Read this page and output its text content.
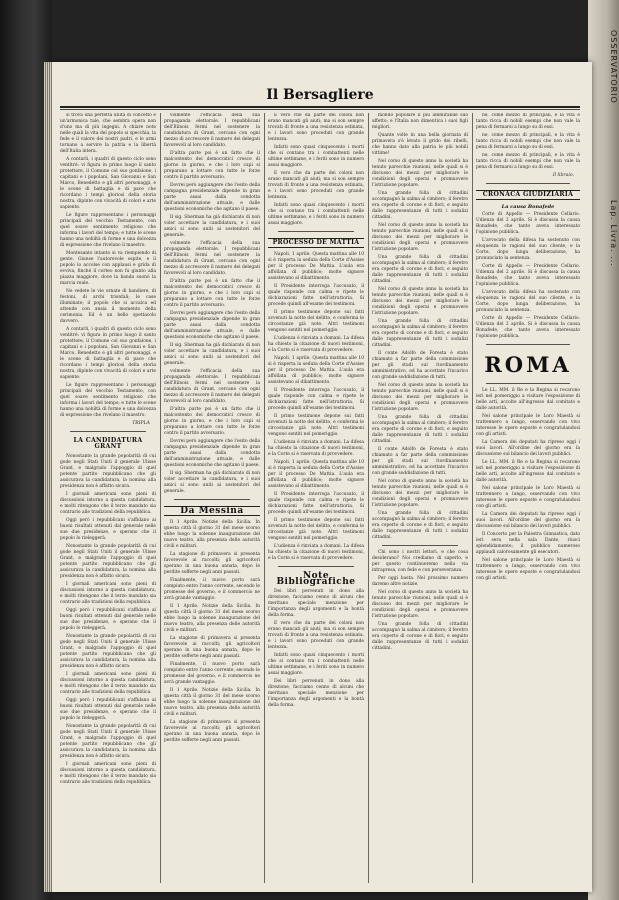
OSSERVATORIO
Lap. Livra. ...
Il Bersagliere

si trova una perfetta unità di concetto e un'armonica tale, che sembra opera non d'uno ma di più ingegni. A chiare note nelle quali la vita del popolo si specchia, la fede e il valore dei nostri padri, e le armi tornano a servire la patria e la libertà dell'Italia intera.

A contarli, i quadri di questo ciclo sono ventitré: vi figura in primo luogo il santo protettore, il Comune col suo gonfalone, i capitani e i popolani, San Giovanni e San Marco, Benedetto e gli altri personaggi, e le scene di battaglia e di pace che ricordano i tempi gloriosi della storia nostra, dipinte con vivacità di colori e arte sapiente.

Le figure rappresentano i personaggi principali del vecchio Testamento, con quel soave sentimento religioso che informa i lavori del tempo; e tutte le scene hanno una nobiltà di forme e una dolcezza di espressione che rivelano il maestro.

Montesanto intanto si va riempiendo di gente. Giunse l'autorevole ospite, e il popolo lo accolse con applausi e grida di evviva, finché il corteo non fu giunto alla piazza maggiore, dove la banda suonò la marcia reale.

Ne vedete le vie ornate di bandiere, di festoni, di archi trionfali; le case illuminate; il popolo che si accalca ed attende con ansia il momento della cerimonia. Ed è un bello spettacolo davvero.

A contarli, i quadri di questo ciclo sono ventitré: vi figura in primo luogo il santo protettore, il Comune col suo gonfalone, i capitani e i popolani, San Giovanni e San Marco, Benedetto e gli altri personaggi, e le scene di battaglia e di pace che ricordano i tempi gloriosi della storia nostra, dipinte con vivacità di colori e arte sapiente.

Le figure rappresentano i personaggi principali del vecchio Testamento, con quel soave sentimento religioso che informa i lavori del tempo; e tutte le scene hanno una nobiltà di forme e una dolcezza di espressione che rivelano il maestro.

TRIPLA
LA CANDIDATURA GRANT

Nonostante la grande popolarità di cui gode negli Stati Uniti il generale Ulisse Grant, e malgrado l'appoggio di quel potente partito repubblicano che gli assicurava la candidatura, la nomina alla presidenza non è affatto sicura.

I giornali americani sono pieni di discussioni intorno a questa candidatura, e molti ritengono che il terzo mandato sia contrario alle tradizioni della repubblica.

Oggi però i repubblicani s'affidano ai buoni risultati ottenuti dal generale nelle sue due presidenze, e sperano che il popolo lo rieleggerà.

Nonostante la grande popolarità di cui gode negli Stati Uniti il generale Ulisse Grant, e malgrado l'appoggio di quel potente partito repubblicano che gli assicurava la candidatura, la nomina alla presidenza non è affatto sicura.

I giornali americani sono pieni di discussioni intorno a questa candidatura, e molti ritengono che il terzo mandato sia contrario alle tradizioni della repubblica.

Oggi però i repubblicani s'affidano ai buoni risultati ottenuti dal generale nelle sue due presidenze, e sperano che il popolo lo rieleggerà.

Nonostante la grande popolarità di cui gode negli Stati Uniti il generale Ulisse Grant, e malgrado l'appoggio di quel potente partito repubblicano che gli assicurava la candidatura, la nomina alla presidenza non è affatto sicura.

I giornali americani sono pieni di discussioni intorno a questa candidatura, e molti ritengono che il terzo mandato sia contrario alle tradizioni della repubblica.

Oggi però i repubblicani s'affidano ai buoni risultati ottenuti dal generale nelle sue due presidenze, e sperano che il popolo lo rieleggerà.

Nonostante la grande popolarità di cui gode negli Stati Uniti il generale Ulisse Grant, e malgrado l'appoggio di quel potente partito repubblicano che gli assicurava la candidatura, la nomina alla presidenza non è affatto sicura.

I giornali americani sono pieni di discussioni intorno a questa candidatura, e molti ritengono che il terzo mandato sia contrario alle tradizioni della repubblica.

volmente l'efficacia della sua propaganda elettorale. I repubblicani dell'Illinois fermi nel sostenere la candidatura di Grant, cercano con ogni mezzo di accrescere il numero dei delegati favorevoli al loro candidato.

D'altra parte poi è un fatto che il malcontento dei democratici cresce di giorno in giorno, e che i loro capi si preparano a lottare con tutte le forze contro il partito avversario.

Dovrei però aggiungere che l'esito della campagna presidenziale dipende in gran parte assai dalla condotta dell'amministrazione attuale, e dalle questioni economiche che agitano il paese.

Il sig. Sherman ha già dichiarato di non voler accettare la candidatura, e i suoi amici si sono uniti ai sostenitori del generale.

volmente l'efficacia della sua propaganda elettorale. I repubblicani dell'Illinois fermi nel sostenere la candidatura di Grant, cercano con ogni mezzo di accrescere il numero dei delegati favorevoli al loro candidato.

D'altra parte poi è un fatto che il malcontento dei democratici cresce di giorno in giorno, e che i loro capi si preparano a lottare con tutte le forze contro il partito avversario.

Dovrei però aggiungere che l'esito della campagna presidenziale dipende in gran parte assai dalla condotta dell'amministrazione attuale, e dalle questioni economiche che agitano il paese.

Il sig. Sherman ha già dichiarato di non voler accettare la candidatura, e i suoi amici si sono uniti ai sostenitori del generale.

volmente l'efficacia della sua propaganda elettorale. I repubblicani dell'Illinois fermi nel sostenere la candidatura di Grant, cercano con ogni mezzo di accrescere il numero dei delegati favorevoli al loro candidato.

D'altra parte poi è un fatto che il malcontento dei democratici cresce di giorno in giorno, e che i loro capi si preparano a lottare con tutte le forze contro il partito avversario.

Dovrei però aggiungere che l'esito della campagna presidenziale dipende in gran parte assai dalla condotta dell'amministrazione attuale, e dalle questioni economiche che agitano il paese.

Il sig. Sherman ha già dichiarato di non voler accettare la candidatura, e i suoi amici si sono uniti ai sostenitori del generale.

Da Messina

Il 1 Aprile. Notizie della Sicilia. In questa città il giorno 31 del mese scorso ebbe luogo la solenne inaugurazione del nuovo teatro, alla presenza delle autorità civili e militari.

La stagione di primavera si presenta favorevole ai raccolti; gli agricoltori sperano in una buona annata, dopo le perdite sofferte negli anni passati.

Finalmente, il nuovo porto sarà compiuto entro l'anno corrente, secondo le promesse del governo, e il commercio ne avrà grande vantaggio.

Il 1 Aprile. Notizie della Sicilia. In questa città il giorno 31 del mese scorso ebbe luogo la solenne inaugurazione del nuovo teatro, alla presenza delle autorità civili e militari.

La stagione di primavera si presenta favorevole ai raccolti; gli agricoltori sperano in una buona annata, dopo le perdite sofferte negli anni passati.

Finalmente, il nuovo porto sarà compiuto entro l'anno corrente, secondo le promesse del governo, e il commercio ne avrà grande vantaggio.

Il 1 Aprile. Notizie della Sicilia. In questa città il giorno 31 del mese scorso ebbe luogo la solenne inaugurazione del nuovo teatro, alla presenza delle autorità civili e militari.

La stagione di primavera si presenta favorevole ai raccolti; gli agricoltori sperano in una buona annata, dopo le perdite sofferte negli anni passati.

E vero che da parte dei coloni non erano mancati gli aiuti; ma si son sempre trovati di fronte a una resistenza ostinata, e i lavori sono proceduti con grande lentezza.

Infatti sono quasi cinquecento i morti che si contano tra i combattenti nelle ultime settimane, e i feriti sono in numero assai maggiore.

E vero che da parte dei coloni non erano mancati gli aiuti; ma si son sempre trovati di fronte a una resistenza ostinata, e i lavori sono proceduti con grande lentezza.

Infatti sono quasi cinquecento i morti che si contano tra i combattenti nelle ultime settimane, e i feriti sono in numero assai maggiore.

PROCESSO DE MATTIA

Napoli, 1 aprile. Questa mattina alle 10 si è riaperta la seduta della Corte d'Assise per il processo De Mattia. L'aula era affollata di pubblico; molte signore assistevano al dibattimento.

Il Presidente interroga l'accusato, il quale risponde con calma e ripete le dichiarazioni fatte nell'istruttoria. Si procede quindi all'esame dei testimoni.

Il primo testimone depone sui fatti avvenuti la notte del delitto, e conferma le circostanze già note. Altri testimoni vengono sentiti nel pomeriggio.

L'udienza è rinviata a domani. La difesa ha chiesto la citazione di nuovi testimoni, e la Corte si è riservata di provvedere.

Napoli, 1 aprile. Questa mattina alle 10 si è riaperta la seduta della Corte d'Assise per il processo De Mattia. L'aula era affollata di pubblico; molte signore assistevano al dibattimento.

Il Presidente interroga l'accusato, il quale risponde con calma e ripete le dichiarazioni fatte nell'istruttoria. Si procede quindi all'esame dei testimoni.

Il primo testimone depone sui fatti avvenuti la notte del delitto, e conferma le circostanze già note. Altri testimoni vengono sentiti nel pomeriggio.

L'udienza è rinviata a domani. La difesa ha chiesto la citazione di nuovi testimoni, e la Corte si è riservata di provvedere.

Napoli, 1 aprile. Questa mattina alle 10 si è riaperta la seduta della Corte d'Assise per il processo De Mattia. L'aula era affollata di pubblico; molte signore assistevano al dibattimento.

Il Presidente interroga l'accusato, il quale risponde con calma e ripete le dichiarazioni fatte nell'istruttoria. Si procede quindi all'esame dei testimoni.

Il primo testimone depone sui fatti avvenuti la notte del delitto, e conferma le circostanze già note. Altri testimoni vengono sentiti nel pomeriggio.

L'udienza è rinviata a domani. La difesa ha chiesto la citazione di nuovi testimoni, e la Corte si è riservata di provvedere.

Note Bibliografiche

Dei libri pervenuti in dono alla direzione, facciamo cenno di alcuni che meritano speciale menzione per l'importanza degli argomenti e la bontà della forma.

E vero che da parte dei coloni non erano mancati gli aiuti; ma si son sempre trovati di fronte a una resistenza ostinata, e i lavori sono proceduti con grande lentezza.

Infatti sono quasi cinquecento i morti che si contano tra i combattenti nelle ultime settimane, e i feriti sono in numero assai maggiore.

Dei libri pervenuti in dono alla direzione, facciamo cenno di alcuni che meritano speciale menzione per l'importanza degli argomenti e la bontà della forma.

mondo popolare il più ammirabile suo affetto; e l'Italia non dimentica i suoi figli migliori.

Quante volte in una bella giornata di primavera s'è levato il grido dei ribelli, che hanno dato alla patria le più nobili vittime!

Nel corso di questo anno la società ha tenuto parecchie riunioni, nelle quali si è discusso dei mezzi per migliorare le condizioni degli operai e promuovere l'istruzione popolare.

Una grande folla di cittadini accompagnò la salma al cimitero; il feretro era coperto di corone e di fiori, e seguito dalle rappresentanze di tutti i sodalizi cittadini.

Nel corso di questo anno la società ha tenuto parecchie riunioni, nelle quali si è discusso dei mezzi per migliorare le condizioni degli operai e promuovere l'istruzione popolare.

Una grande folla di cittadini accompagnò la salma al cimitero; il feretro era coperto di corone e di fiori, e seguito dalle rappresentanze di tutti i sodalizi cittadini.

Nel corso di questo anno la società ha tenuto parecchie riunioni, nelle quali si è discusso dei mezzi per migliorare le condizioni degli operai e promuovere l'istruzione popolare.

Una grande folla di cittadini accompagnò la salma al cimitero; il feretro era coperto di corone e di fiori, e seguito dalle rappresentanze di tutti i sodalizi cittadini.

Il conte Adolfo de Foresta è stato chiamato a far parte della commissione per gli studi sul riordinamento amministrativo, ed ha accettato l'incarico con grande soddisfazione di tutti.

Nel corso di questo anno la società ha tenuto parecchie riunioni, nelle quali si è discusso dei mezzi per migliorare le condizioni degli operai e promuovere l'istruzione popolare.

Una grande folla di cittadini accompagnò la salma al cimitero; il feretro era coperto di corone e di fiori, e seguito dalle rappresentanze di tutti i sodalizi cittadini.

Il conte Adolfo de Foresta è stato chiamato a far parte della commissione per gli studi sul riordinamento amministrativo, ed ha accettato l'incarico con grande soddisfazione di tutti.

Nel corso di questo anno la società ha tenuto parecchie riunioni, nelle quali si è discusso dei mezzi per migliorare le condizioni degli operai e promuovere l'istruzione popolare.

Una grande folla di cittadini accompagnò la salma al cimitero; il feretro era coperto di corone e di fiori, e seguito dalle rappresentanze di tutti i sodalizi cittadini.

Chi sono i nostri lettori, e che cosa desiderano? Noi crediamo di saperlo, e per questo continueremo nella via intrapresa, con fede e con perseveranza.

Per oggi basta. Nel prossimo numero daremo altre notizie.

Nel corso di questo anno la società ha tenuto parecchie riunioni, nelle quali si è discusso dei mezzi per migliorare le condizioni degli operai e promuovere l'istruzione popolare.

Una grande folla di cittadini accompagnò la salma al cimitero; il feretro era coperto di corone e di fiori, e seguito dalle rappresentanze di tutti i sodalizi cittadini.

ne, come mezzo di principali, e la vita è tanto ricca di nobili esempi che non vale la pena di fermarsi a lungo su di essi.

ne, come mezzo di principali, e la vita è tanto ricca di nobili esempi che non vale la pena di fermarsi a lungo su di essi.

ne, come mezzo di principali, e la vita è tanto ricca di nobili esempi che non vale la pena di fermarsi a lungo su di essi.

Il libraio.
CRONACA GIUDIZIARIA
La causa Bonafede

Corte di Appello — Presidente Cellario. Udienza del 2 aprile. Si è discussa la causa Bonafede, che tanto aveva interessato l'opinione pubblica.

L'avvocato della difesa ha sostenuto con eloquenza le ragioni del suo cliente, e la Corte, dopo lunga deliberazione, ha pronunciato la sentenza.

Corte di Appello — Presidente Cellario. Udienza del 2 aprile. Si è discussa la causa Bonafede, che tanto aveva interessato l'opinione pubblica.

L'avvocato della difesa ha sostenuto con eloquenza le ragioni del suo cliente, e la Corte, dopo lunga deliberazione, ha pronunciato la sentenza.

Corte di Appello — Presidente Cellario. Udienza del 2 aprile. Si è discussa la causa Bonafede, che tanto aveva interessato l'opinione pubblica.

ROMA

Le LL. MM. il Re e la Regina si recarono ieri nel pomeriggio a visitare l'esposizione di belle arti, accolte all'ingresso dal comitato e dalle autorità.

Nel salone principale le Loro Maestà si trattennero a lungo, osservando con vivo interesse le opere esposte e congratulandosi con gli artisti.

La Camera dei deputati ha ripreso oggi i suoi lavori. All'ordine del giorno era la discussione sul bilancio dei lavori pubblici.

Le LL. MM. il Re e la Regina si recarono ieri nel pomeriggio a visitare l'esposizione di belle arti, accolte all'ingresso dal comitato e dalle autorità.

Nel salone principale le Loro Maestà si trattennero a lungo, osservando con vivo interesse le opere esposte e congratulandosi con gli artisti.

La Camera dei deputati ha ripreso oggi i suoi lavori. All'ordine del giorno era la discussione sul bilancio dei lavori pubblici.

Il Concerto per la Palestra Ginnastica, dato ieri sera nella sala Dante, riuscì splendidamente; il pubblico numeroso applaudì calorosamente gli esecutori.

Nel salone principale le Loro Maestà si trattennero a lungo, osservando con vivo interesse le opere esposte e congratulandosi con gli artisti.
